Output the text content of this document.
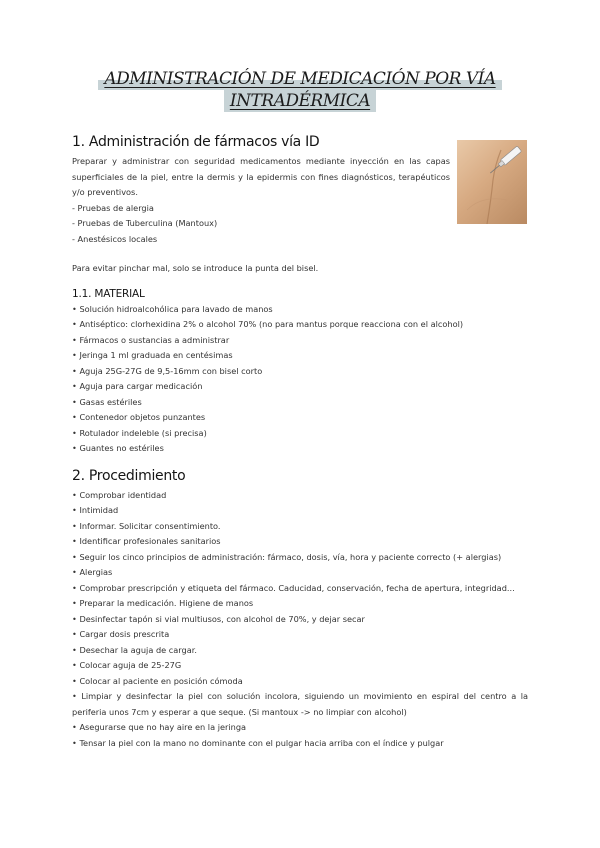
ADMINISTRACIÓN DE MEDICACIÓN POR VÍA
INTRADÉRMICA
1. Administración de fármacos vía ID
Preparar y administrar con seguridad medicamentos mediante inyección en las capas superficiales de la piel, entre la dermis y la epidermis con fines diagnósticos, terapéuticos y/o preventivos.
- Pruebas de alergia
- Pruebas de Tuberculina (Mantoux)
- Anestésicos locales
Para evitar pinchar mal, solo se introduce la punta del bisel.
1.1. MATERIAL
• Solución hidroalcohólica para lavado de manos
• Antiséptico: clorhexidina 2% o alcohol 70% (no para mantus porque reacciona con el alcohol)
• Fármacos o sustancias a administrar
• Jeringa 1 ml graduada en centésimas
• Aguja 25G-27G de 9,5-16mm con bisel corto
• Aguja para cargar medicación
• Gasas estériles
• Contenedor objetos punzantes
• Rotulador indeleble (si precisa)
• Guantes no estériles
2. Procedimiento
• Comprobar identidad
• Intimidad
• Informar. Solicitar consentimiento.
• Identificar profesionales sanitarios
• Seguir los cinco principios de administración: fármaco, dosis, vía, hora y paciente correcto (+ alergias)
• Alergias
• Comprobar prescripción y etiqueta del fármaco. Caducidad, conservación, fecha de apertura, integridad...
• Preparar la medicación. Higiene de manos
• Desinfectar tapón si vial multiusos, con alcohol de 70%, y dejar secar
• Cargar dosis prescrita
• Desechar la aguja de cargar.
• Colocar aguja de 25-27G
• Colocar al paciente en posición cómoda
• Limpiar y desinfectar la piel con solución incolora, siguiendo un movimiento en espiral del centro a la periferia unos 7cm y esperar a que seque. (Si mantoux -> no limpiar con alcohol)
• Asegurarse que no hay aire en la jeringa
• Tensar la piel con la mano no dominante con el pulgar hacia arriba con el índice y pulgar
